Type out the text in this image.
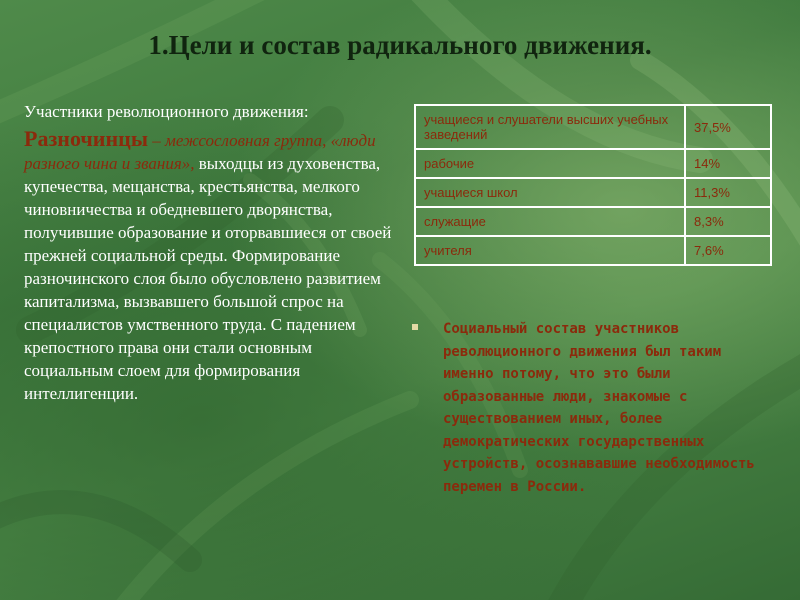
1.Цели и состав радикального движения.
Участники революционного движения:

Разночинцы – межсословная группа, «люди разного чина и звания», выходцы из духовенства, купечества, мещанства, крестьянства, мелкого чиновничества и обедневшего дворянства, получившие образование и оторвавшиеся от своей прежней социальной среды. Формирование разночинского слоя было обусловлено развитием капитализма, вызвавшего большой спрос на специалистов умственного труда. С падением крепостного права они стали основным социальным слоем для формирования интеллигенции.

учащиеся и слушатели высших учебных заведений	37,5%
рабочие	14%
учащиеся школ	11,3%
служащие	8,3%
учителя	7,6%

Социальный состав участников революционного движения был таким именно потому, что это были образованные люди, знакомые с существованием иных, более демократических государственных устройств, осознававшие необходимость перемен в России.
